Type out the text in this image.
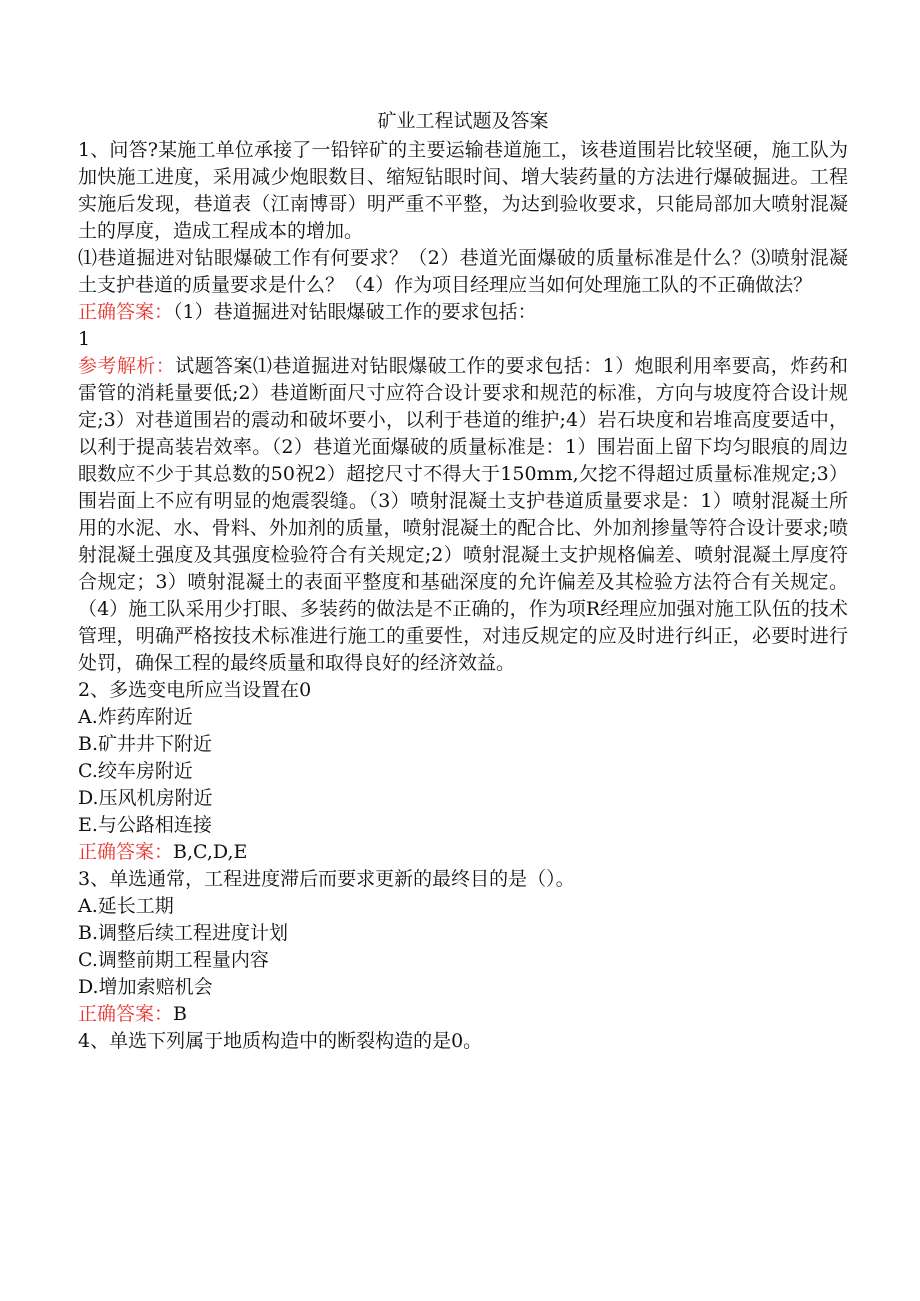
矿业工程试题及答案

1、问答?某施工单位承接了一铅锌矿的主要运输巷道施工，该巷道围岩比较坚硬，施工队为加快施工进度，采用减少炮眼数目、缩短钻眼时间、增大装药量的方法进行爆破掘进。工程实施后发现，巷道表（江南博哥）明严重不平整，为达到验收要求，只能局部加大喷射混凝土的厚度，造成工程成本的增加。

⑴巷道掘进对钻眼爆破工作有何要求？（2）巷道光面爆破的质量标准是什么？⑶喷射混凝土支护巷道的质量要求是什么？（4）作为项目经理应当如何处理施工队的不正确做法？

正确答案：（1）巷道掘进对钻眼爆破工作的要求包括：

1

参考解析：试题答案⑴巷道掘进对钻眼爆破工作的要求包括：1）炮眼利用率要高，炸药和雷管的消耗量要低;2）巷道断面尺寸应符合设计要求和规范的标准，方向与坡度符合设计规定;3）对巷道围岩的震动和破坏要小，以利于巷道的维护;4）岩石块度和岩堆高度要适中，以利于提高装岩效率。（2）巷道光面爆破的质量标准是：1）围岩面上留下均匀眼痕的周边眼数应不少于其总数的50祝2）超挖尺寸不得大于150mm,欠挖不得超过质量标准规定;3）围岩面上不应有明显的炮震裂缝。（3）喷射混凝土支护巷道质量要求是：1）喷射混凝土所用的水泥、水、骨料、外加剂的质量，喷射混凝土的配合比、外加剂掺量等符合设计要求;喷射混凝土强度及其强度检验符合有关规定;2）喷射混凝土支护规格偏差、喷射混凝土厚度符合规定；3）喷射混凝土的表面平整度和基础深度的允许偏差及其检验方法符合有关规定。（4）施工队采用少打眼、多装药的做法是不正确的，作为项R经理应加强对施工队伍的技术管理，明确严格按技术标准进行施工的重要性，对违反规定的应及时进行纠正，必要时进行处罚，确保工程的最终质量和取得良好的经济效益。

2、多选变电所应当设置在0

A.炸药库附近

B.矿井井下附近

C.绞车房附近

D.压风机房附近

E.与公路相连接

正确答案：B,C,D,E

3、单选通常，工程进度滞后而要求更新的最终目的是（）。

A.延长工期

B.调整后续工程进度计划

C.调整前期工程量内容

D.增加索赔机会

正确答案：B

4、单选下列属于地质构造中的断裂构造的是0。
